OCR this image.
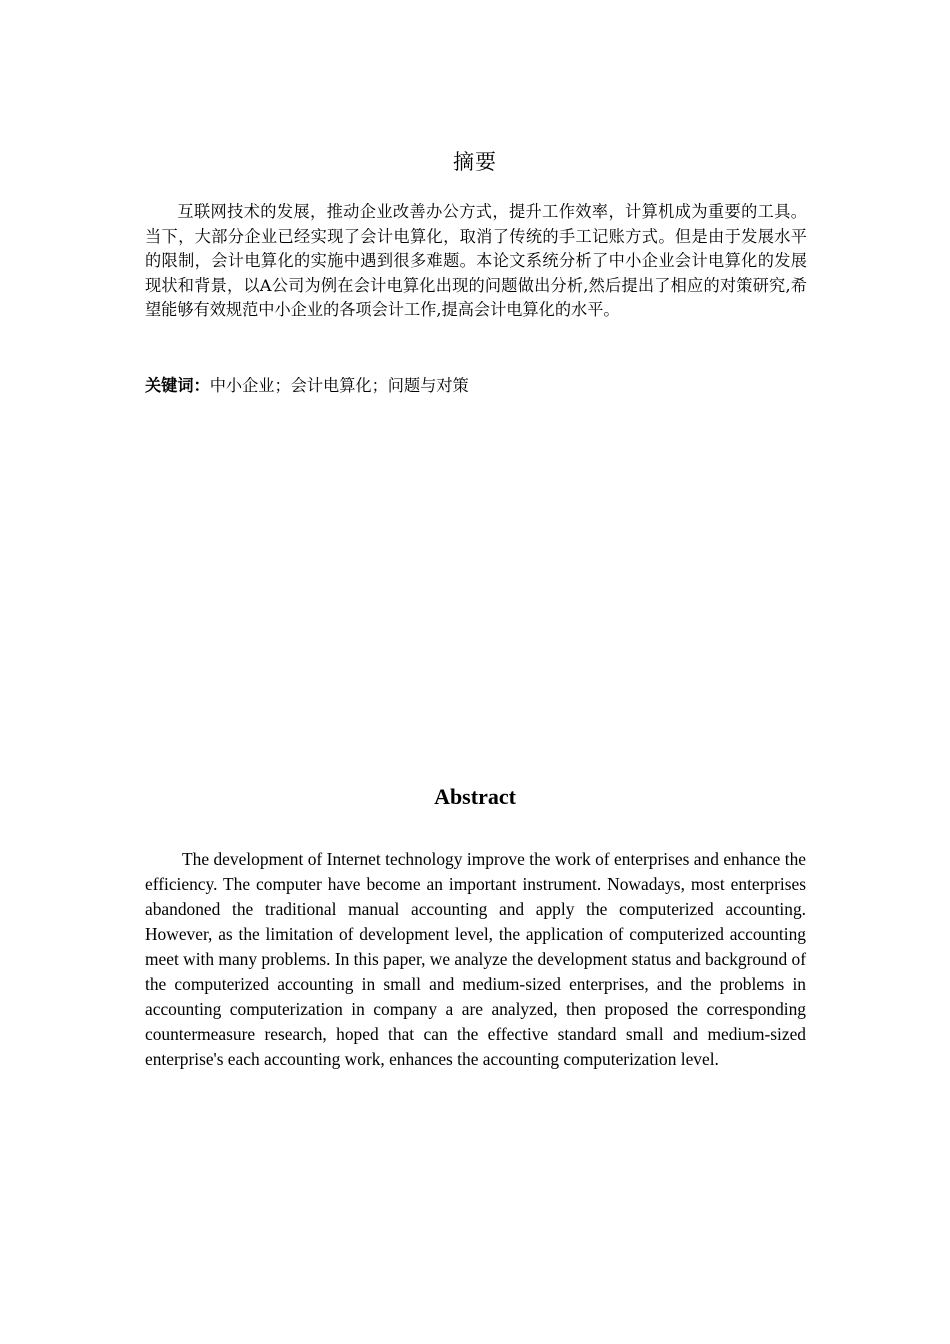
摘要

互联网技术的发展，推动企业改善办公方式，提升工作效率，计算机成为重要的工具。当下，大部分企业已经实现了会计电算化，取消了传统的手工记账方式。但是由于发展水平的限制，会计电算化的实施中遇到很多难题。本论文系统分析了中小企业会计电算化的发展现状和背景，以A公司为例在会计电算化出现的问题做出分析,然后提出了相应的对策研究,希望能够有效规范中小企业的各项会计工作,提高会计电算化的水平。

关键词：中小企业；会计电算化；问题与对策

Abstract

The development of Internet technology improve the work of enterprises and enhance the efficiency. The computer have become an important instrument. Nowadays, most enterprises abandoned the traditional manual accounting and apply the computerized accounting. However, as the limitation of development level, the application of computerized accounting meet with many problems. In this paper, we analyze the development status and background of the computerized accounting in small and medium-sized enterprises, and the problems in accounting computerization in company a are analyzed, then proposed the corresponding countermeasure research, hoped that can the effective standard small and medium-sized enterprise's each accounting work, enhances the accounting computerization level.
